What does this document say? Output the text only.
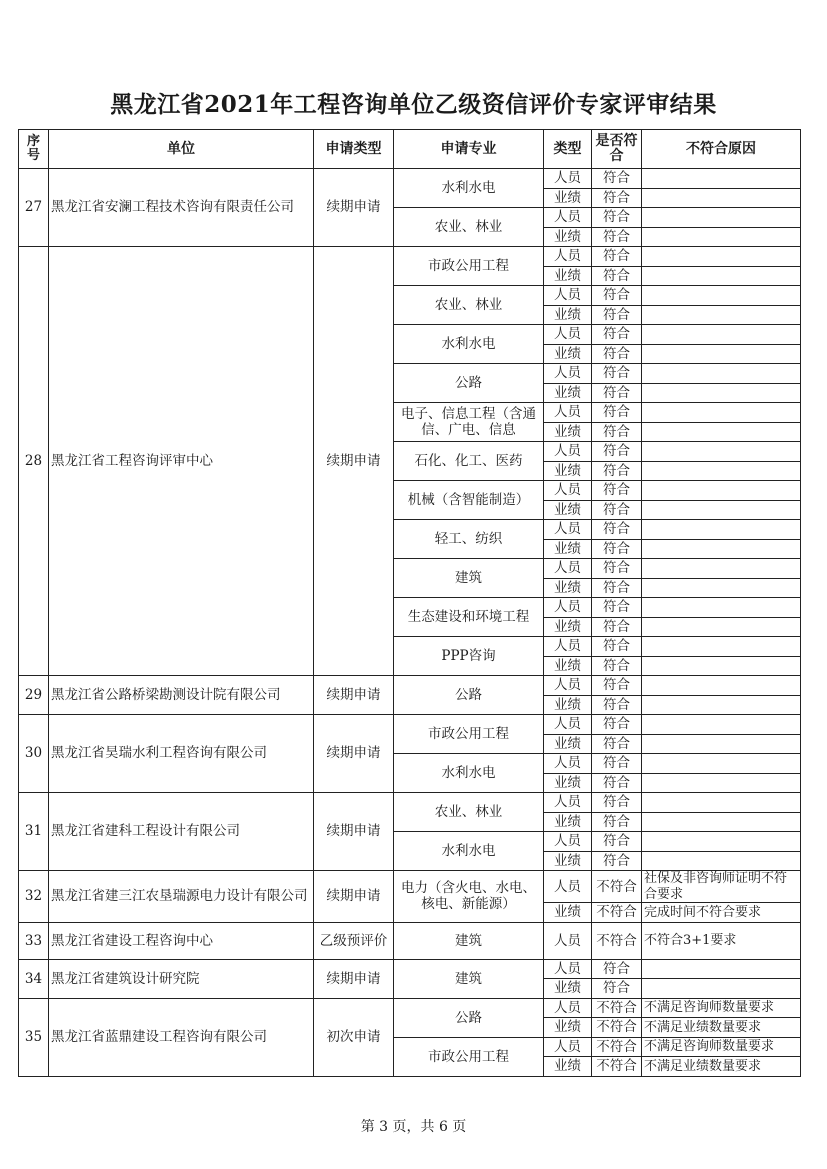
黑龙江省2021年工程咨询单位乙级资信评价专家评审结果
序号	单位	申请类型	申请专业	类型	是否符合	不符合原因
27	黑龙江省安澜工程技术咨询有限责任公司	续期申请	水利水电	人员	符合	
				业绩	符合	
			农业、林业	人员	符合	
				业绩	符合	
28	黑龙江省工程咨询评审中心	续期申请	市政公用工程	人员	符合	
				业绩	符合	
			农业、林业	人员	符合	
				业绩	符合	
			水利水电	人员	符合	
				业绩	符合	
			公路	人员	符合	
				业绩	符合	
			电子、信息工程（含通信、广电、信息	人员	符合	
				业绩	符合	
			石化、化工、医药	人员	符合	
				业绩	符合	
			机械（含智能制造）	人员	符合	
				业绩	符合	
			轻工、纺织	人员	符合	
				业绩	符合	
			建筑	人员	符合	
				业绩	符合	
			生态建设和环境工程	人员	符合	
				业绩	符合	
			PPP咨询	人员	符合	
				业绩	符合	
29	黑龙江省公路桥梁勘测设计院有限公司	续期申请	公路	人员	符合	
				业绩	符合	
30	黑龙江省昊瑞水利工程咨询有限公司	续期申请	市政公用工程	人员	符合	
				业绩	符合	
			水利水电	人员	符合	
				业绩	符合	
31	黑龙江省建科工程设计有限公司	续期申请	农业、林业	人员	符合	
				业绩	符合	
			水利水电	人员	符合	
				业绩	符合	
32	黑龙江省建三江农垦瑞源电力设计有限公司	续期申请	电力（含火电、水电、核电、新能源）	人员	不符合	社保及非咨询师证明不符合要求
				业绩	不符合	完成时间不符合要求
33	黑龙江省建设工程咨询中心	乙级预评价	建筑	人员	不符合	不符合3+1要求
34	黑龙江省建筑设计研究院	续期申请	建筑	人员	符合	
				业绩	符合	
35	黑龙江省蓝鼎建设工程咨询有限公司	初次申请	公路	人员	不符合	不满足咨询师数量要求
				业绩	不符合	不满足业绩数量要求
			市政公用工程	人员	不符合	不满足咨询师数量要求
				业绩	不符合	不满足业绩数量要求
第 3 页，共 6 页
